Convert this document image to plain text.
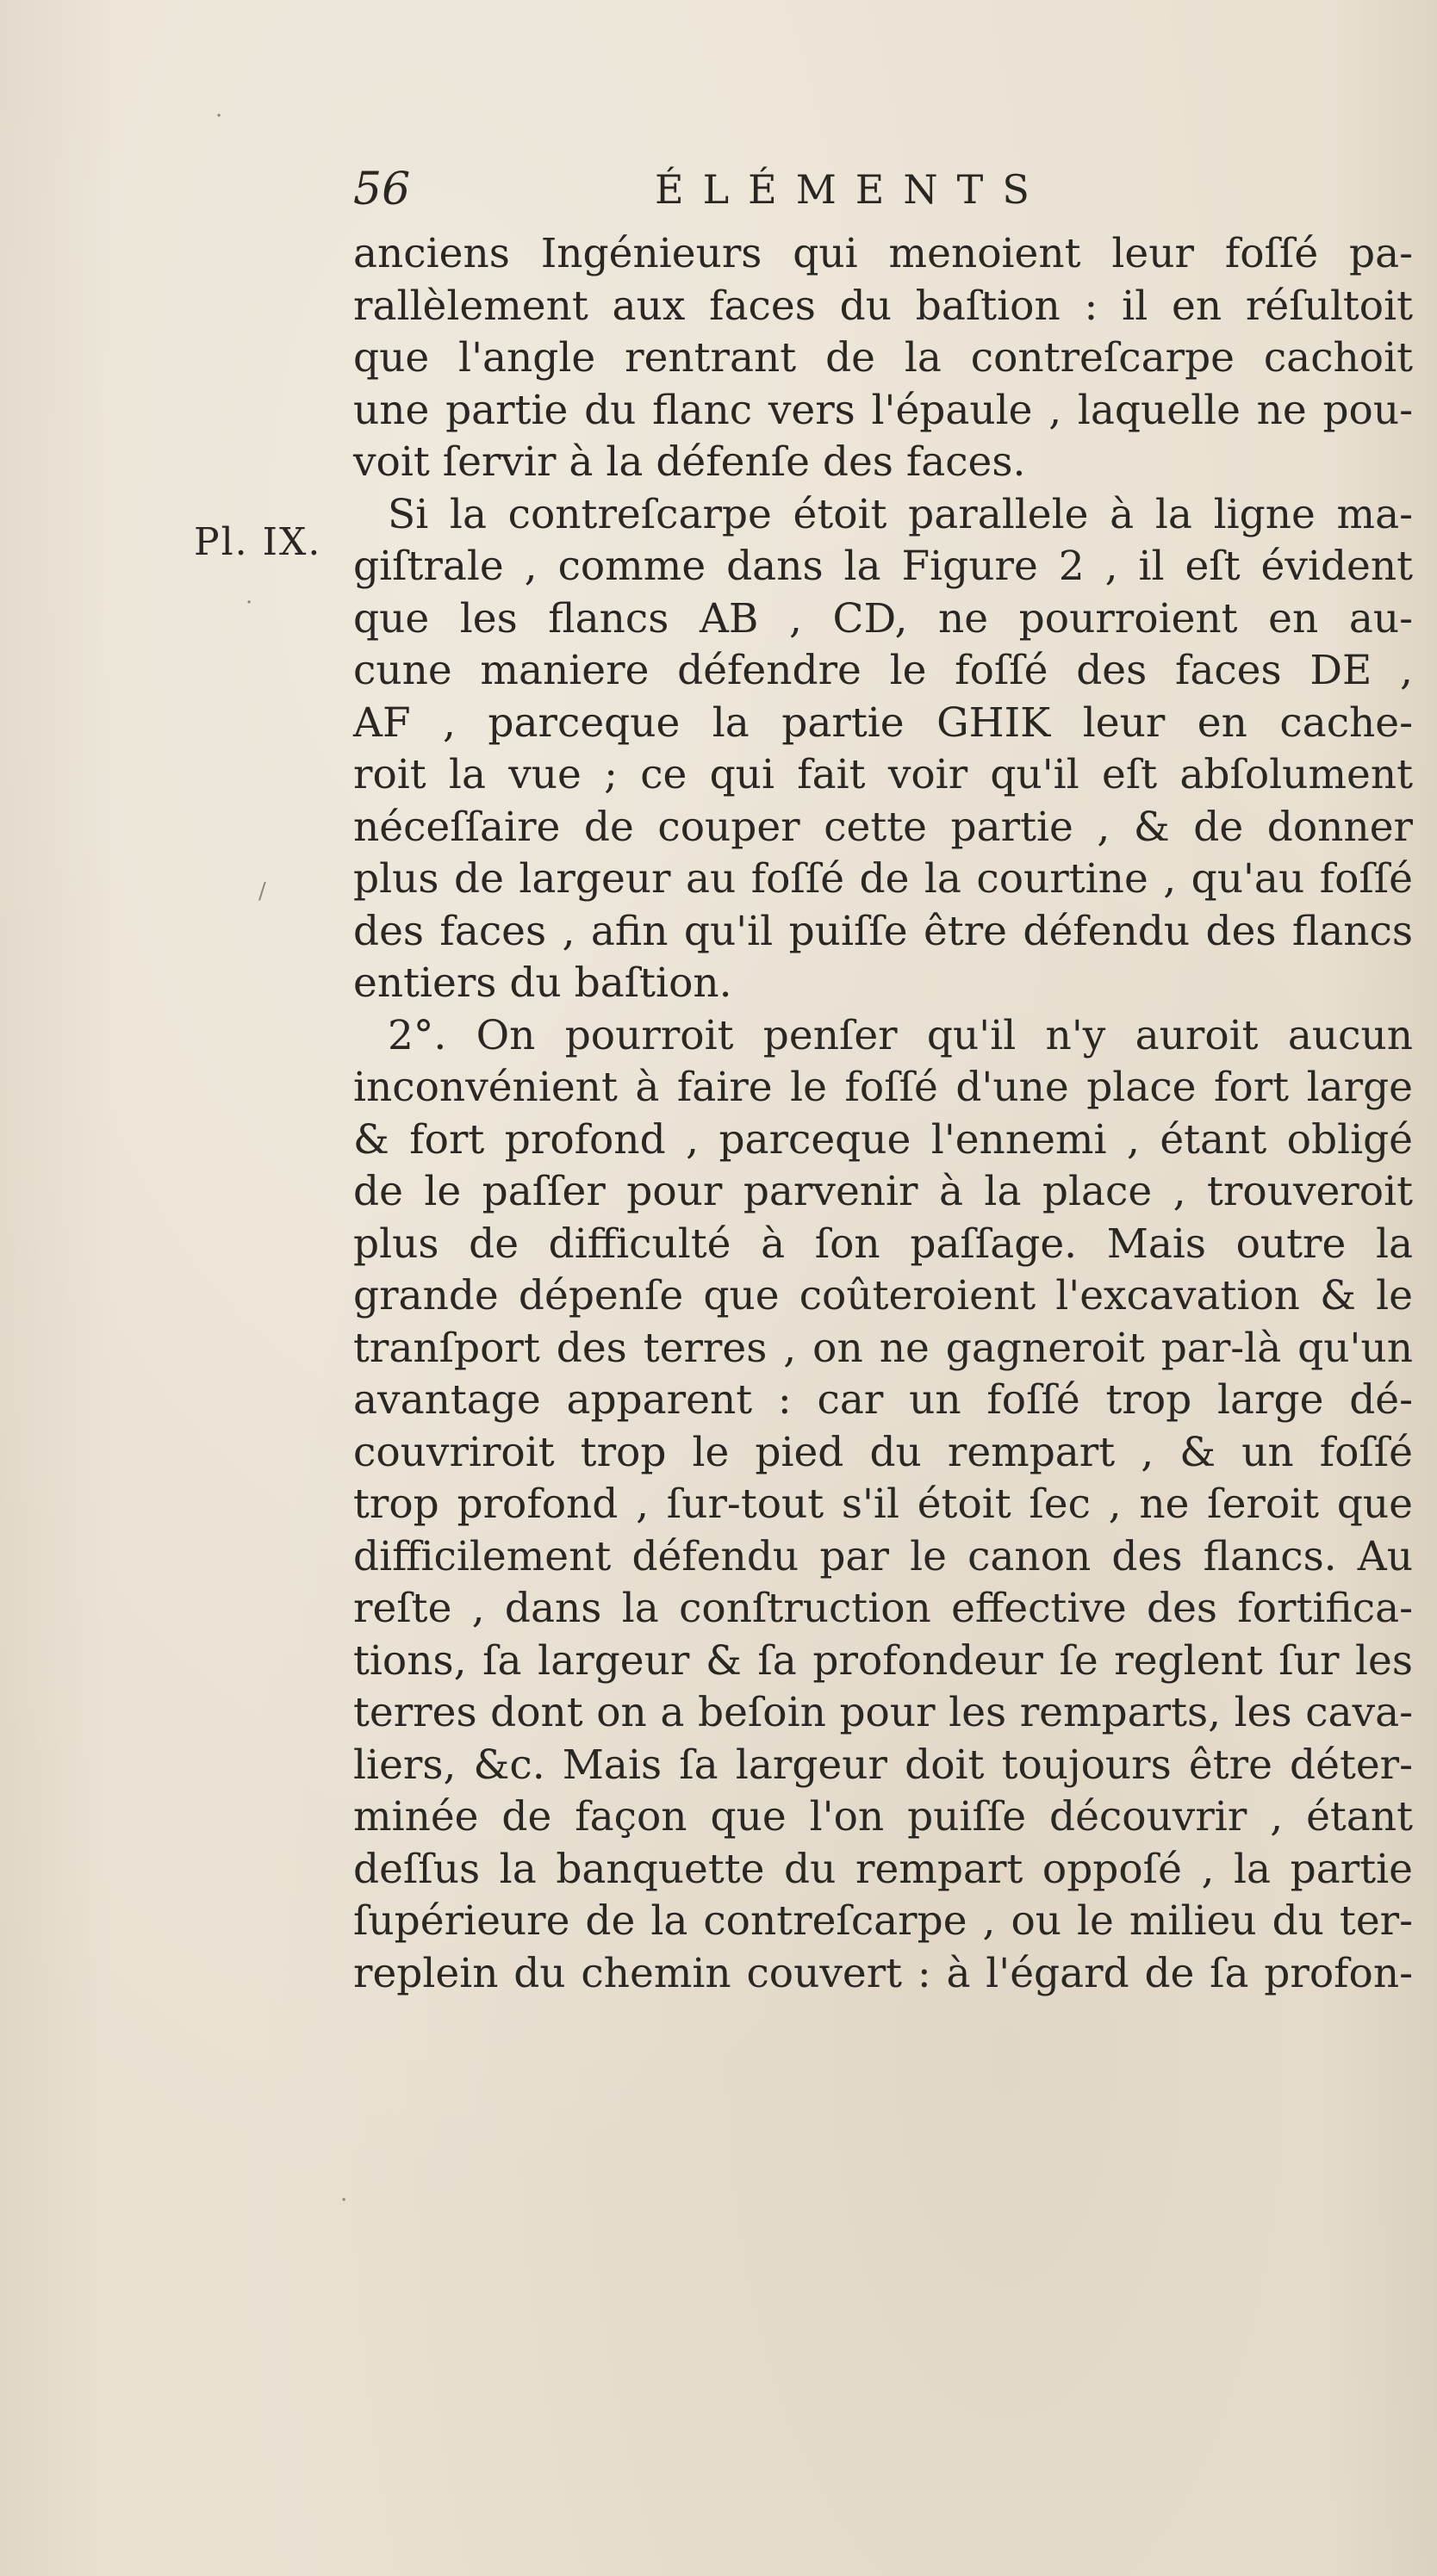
56	ÉLÉMENTS
Pl. IX.
anciens Ingénieurs qui menoient leur foſſé pa-
rallèlement aux faces du baſtion : il en réſultoit
que l'angle rentrant de la contreſcarpe cachoit
une partie du flanc vers l'épaule , laquelle ne pou-
voit ſervir à la défenſe des faces.
Si la contreſcarpe étoit parallele à la ligne ma-
giſtrale , comme dans la Figure 2 , il eſt évident
que les flancs AB , CD, ne pourroient en au-
cune maniere défendre le foſſé des faces DE ,
AF , parceque la partie GHIK leur en cache-
roit la vue ; ce qui fait voir qu'il eſt abſolument
néceſſaire de couper cette partie , & de donner
plus de largeur au foſſé de la courtine , qu'au foſſé
des faces , afin qu'il puiſſe être défendu des flancs
entiers du baſtion.
2°. On pourroit penſer qu'il n'y auroit aucun
inconvénient à faire le foſſé d'une place fort large
& fort profond , parceque l'ennemi , étant obligé
de le paſſer pour parvenir à la place , trouveroit
plus de difficulté à ſon paſſage. Mais outre la
grande dépenſe que coûteroient l'excavation & le
tranſport des terres , on ne gagneroit par-là qu'un
avantage apparent : car un foſſé trop large dé-
couvriroit trop le pied du rempart , & un foſſé
trop profond , ſur-tout s'il étoit ſec , ne ſeroit que
difficilement défendu par le canon des flancs. Au
reſte , dans la conſtruction effective des fortifica-
tions, ſa largeur & ſa profondeur ſe reglent ſur les
terres dont on a beſoin pour les remparts, les cava-
liers, &c. Mais ſa largeur doit toujours être déter-
minée de façon que l'on puiſſe découvrir , étant
deſſus la banquette du rempart oppoſé , la partie
ſupérieure de la contreſcarpe , ou le milieu du ter-
replein du chemin couvert : à l'égard de ſa profon-
·
·
/
·
